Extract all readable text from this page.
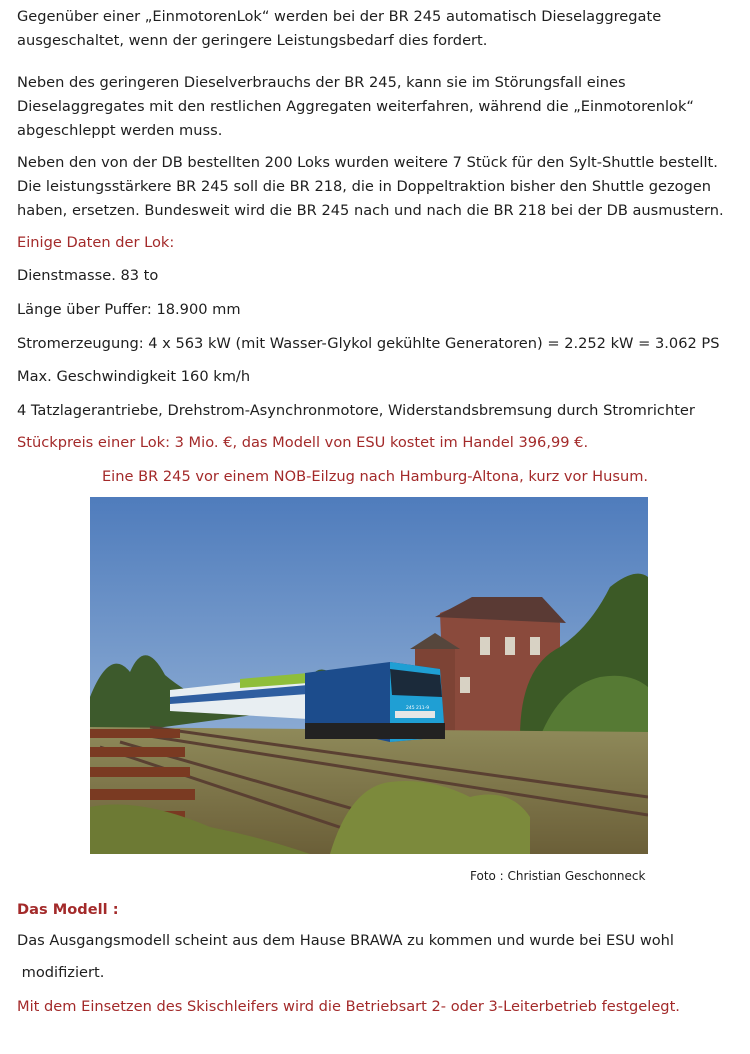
Gegenüber einer „EinmotorenLok“ werden bei der BR 245 automatisch Dieselaggregate

ausgeschaltet, wenn der geringere Leistungsbedarf dies fordert.

Neben des geringeren Dieselverbrauchs der BR 245, kann sie im Störungsfall eines

Dieselaggregates mit den restlichen Aggregaten weiterfahren, während die „Einmotorenlok“

abgeschleppt werden muss.

Neben den von der DB bestellten 200 Loks wurden weitere 7 Stück für den Sylt-Shuttle bestellt.

Die leistungsstärkere BR 245 soll die BR 218, die in Doppeltraktion bisher den Shuttle gezogen

haben, ersetzen. Bundesweit wird die BR 245 nach und nach die BR 218 bei der DB ausmustern.

Einige Daten der Lok:

Dienstmasse. 83 to

Länge über Puffer: 18.900 mm

Stromerzeugung: 4 x 563 kW (mit Wasser-Glykol gekühlte Generatoren) = 2.252 kW = 3.062 PS

Max. Geschwindigkeit 160 km/h

4 Tatzlagerantriebe, Drehstrom-Asynchronmotore, Widerstandsbremsung durch Stromrichter

Stückpreis einer Lok: 3 Mio. €, das Modell von ESU kostet im Handel 396,99 €.

Eine BR 245 vor einem NOB-Eilzug nach Hamburg-Altona, kurz vor Husum.

245 211-9
Foto : Christian Geschonneck

Das Modell :

Das Ausgangsmodell scheint aus dem Hause BRAWA zu kommen und wurde bei ESU wohl

modifiziert.

Mit dem Einsetzen des Skischleifers wird die Betriebsart 2- oder 3-Leiterbetrieb festgelegt.
